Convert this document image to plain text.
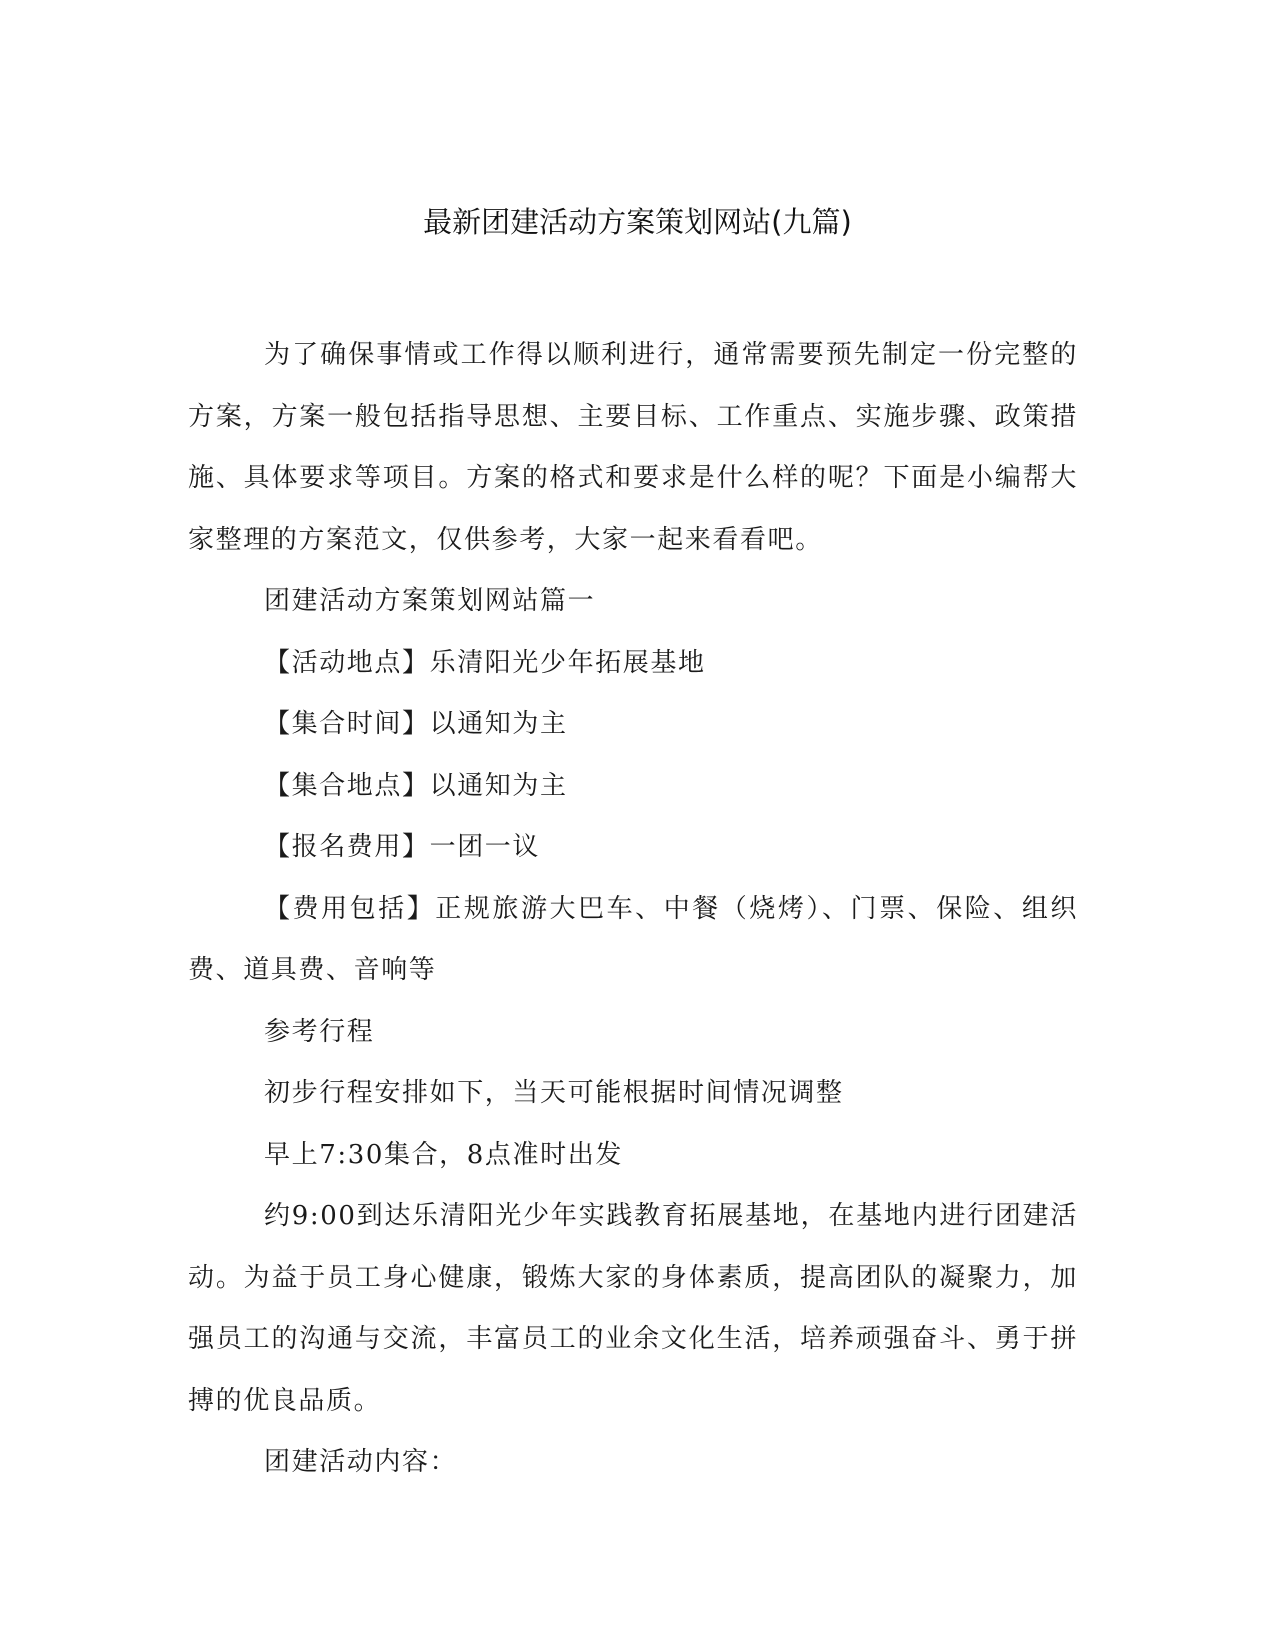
最新团建活动方案策划网站(九篇)

为了确保事情或工作得以顺利进行，通常需要预先制定一份完整的方案，方案一般包括指导思想、主要目标、工作重点、实施步骤、政策措施、具体要求等项目。方案的格式和要求是什么样的呢？下面是小编帮大家整理的方案范文，仅供参考，大家一起来看看吧。

团建活动方案策划网站篇一

【活动地点】乐清阳光少年拓展基地

【集合时间】以通知为主

【集合地点】以通知为主

【报名费用】一团一议

【费用包括】正规旅游大巴车、中餐（烧烤）、门票、保险、组织费、道具费、音响等

参考行程

初步行程安排如下，当天可能根据时间情况调整

早上7:30集合，8点准时出发

约9:00到达乐清阳光少年实践教育拓展基地，在基地内进行团建活动。为益于员工身心健康，锻炼大家的身体素质，提高团队的凝聚力，加强员工的沟通与交流，丰富员工的业余文化生活，培养顽强奋斗、勇于拼搏的优良品质。

团建活动内容：
